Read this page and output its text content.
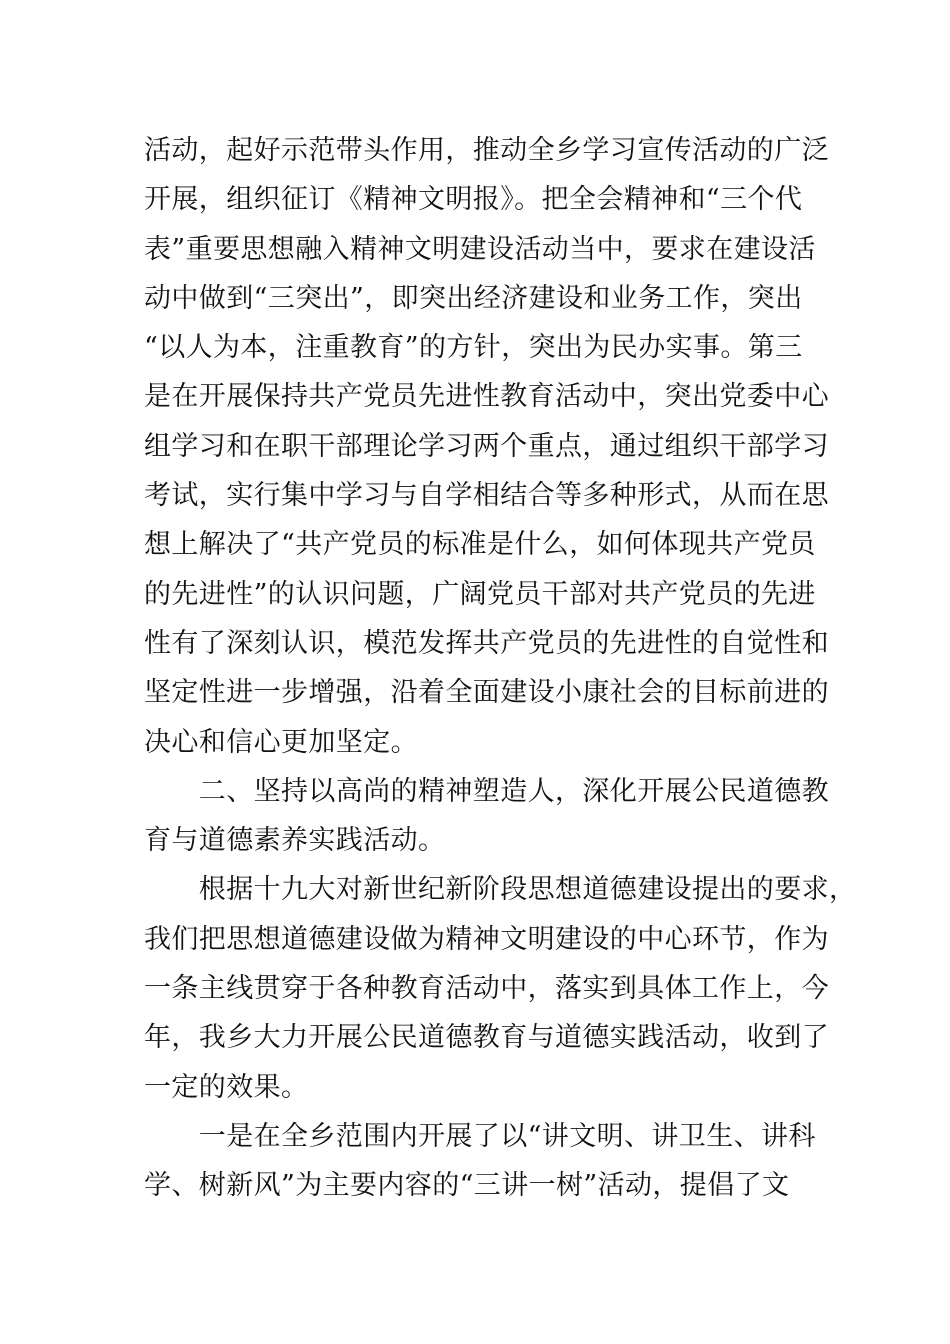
活动，起好示范带头作用，推动全乡学习宣传活动的广泛
开展，组织征订《精神文明报》。把全会精神和“三个代
表”重要思想融入精神文明建设活动当中，要求在建设活
动中做到“三突出”，即突出经济建设和业务工作，突出
“以人为本，注重教育”的方针，突出为民办实事。第三
是在开展保持共产党员先进性教育活动中，突出党委中心
组学习和在职干部理论学习两个重点，通过组织干部学习
考试，实行集中学习与自学相结合等多种形式，从而在思
想上解决了“共产党员的标准是什么，如何体现共产党员
的先进性”的认识问题，广阔党员干部对共产党员的先进
性有了深刻认识，模范发挥共产党员的先进性的自觉性和
坚定性进一步增强，沿着全面建设小康社会的目标前进的
决心和信心更加坚定。
　　二、坚持以高尚的精神塑造人，深化开展公民道德教
育与道德素养实践活动。
　　根据十九大对新世纪新阶段思想道德建设提出的要求，
我们把思想道德建设做为精神文明建设的中心环节，作为
一条主线贯穿于各种教育活动中，落实到具体工作上，今
年，我乡大力开展公民道德教育与道德实践活动，收到了
一定的效果。
　　一是在全乡范围内开展了以“讲文明、讲卫生、讲科
学、树新风”为主要内容的“三讲一树”活动，提倡了文
